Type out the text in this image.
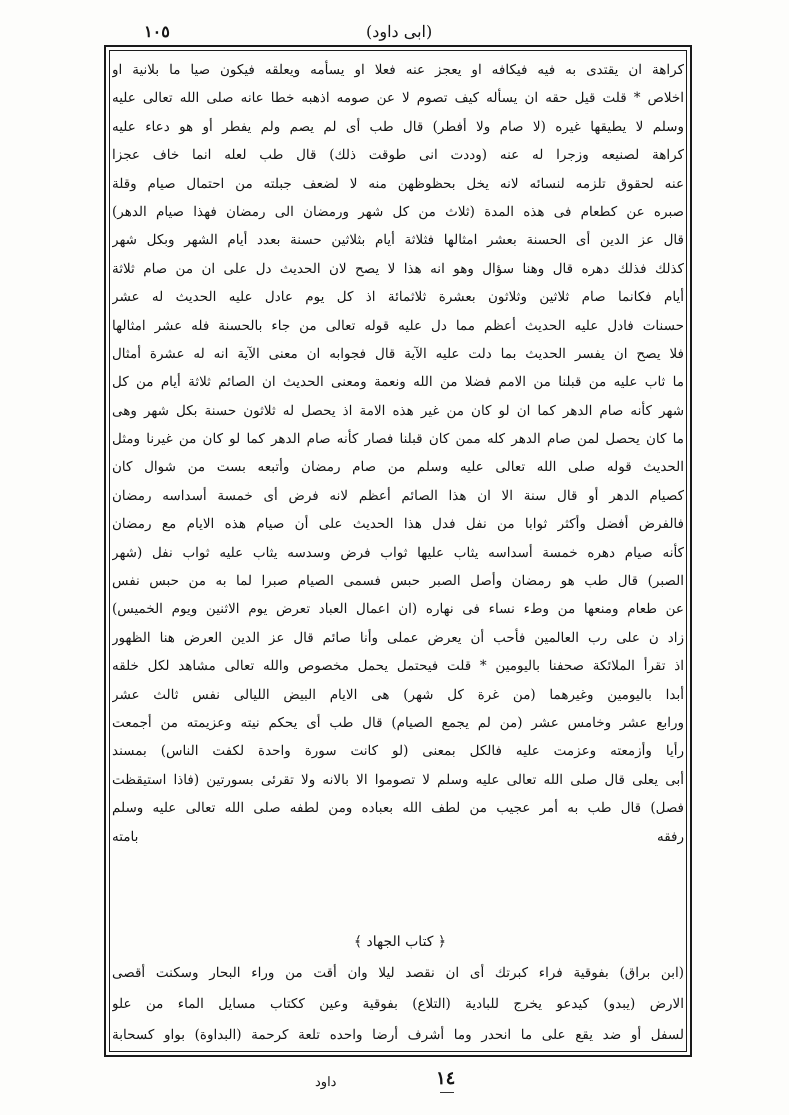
١٠٥	(ابى داود)
كراهة ان يقتدى به فيه فيكافه او يعجز عنه فعلا او يسأمه ويعلقه فيكون صيا ما بلانية او
اخلاص * قلت قيل حقه ان يسأله كيف تصوم لا عن صومه اذهبه خطا عانه صلى الله تعالى عليه
وسلم لا يطيقها غيره (لا صام ولا أفطر) قال طب أى لم يصم ولم يفطر أو هو دعاء عليه
كراهة لصنيعه وزجرا له عنه (وددت انى طوقت ذلك) قال طب لعله انما خاف عجزا
عنه لحقوق تلزمه لنسائه لانه يخل بحظوظهن منه لا لضعف جبلته من احتمال صيام وقلة
صبره عن كطعام فى هذه المدة (ثلاث من كل شهر ورمضان الى رمضان فهذا صيام الدهر)
قال عز الدين أى الحسنة بعشر امثالها فثلاثة أيام بثلاثين حسنة بعدد أيام الشهر وبكل شهر
كذلك فذلك دهره قال وهنا سؤال وهو انه هذا لا يصح لان الحديث دل على ان من صام ثلاثة
أيام فكانما صام ثلاثين وثلاثون بعشرة ثلاثمائة اذ كل يوم عادل عليه الحديث له عشر
حسنات فادل عليه الحديث أعظم مما دل عليه قوله تعالى من جاء بالحسنة فله عشر امثالها
فلا يصح ان يفسر الحديث بما دلت عليه الآية قال فجوابه ان معنى الآية انه له عشرة أمثال
ما ثاب عليه من قبلنا من الامم فضلا من الله ونعمة ومعنى الحديث ان الصائم ثلاثة أيام من كل
شهر كأنه صام الدهر كما ان لو كان من غير هذه الامة اذ يحصل له ثلاثون حسنة بكل شهر وهى
ما كان يحصل لمن صام الدهر كله ممن كان قبلنا فصار كأنه صام الدهر كما لو كان من غيرنا ومثل
الحديث قوله صلى الله تعالى عليه وسلم من صام رمضان وأتبعه بست من شوال كان
كصيام الدهر أو قال سنة الا ان هذا الصائم أعظم لانه فرض أى خمسة أسداسه رمضان
فالفرض أفضل وأكثر ثوابا من نفل فدل هذا الحديث على أن صيام هذه الايام مع رمضان
كأنه صيام دهره خمسة أسداسه يثاب عليها ثواب فرض وسدسه يثاب عليه ثواب نفل (شهر
الصبر) قال طب هو رمضان وأصل الصبر حبس فسمى الصيام صبرا لما به من حبس نفس
عن طعام ومنعها من وطء نساء فى نهاره (ان اعمال العباد تعرض يوم الاثنين ويوم الخميس)
زاد ن على رب العالمين فأحب أن يعرض عملى وأنا صائم قال عز الدين العرض هنا الظهور
اذ تقرأ الملائكة صحفنا باليومين * قلت فيحتمل يحمل مخصوص والله تعالى مشاهد لكل خلقه
أبدا باليومين وغيرهما (من غرة كل شهر) هى الايام البيض الليالى نفس ثالث عشر
ورابع عشر وخامس عشر (من لم يجمع الصيام) قال طب أى يحكم نيته وعزيمته من أجمعت
رأيا وأزمعته وعزمت عليه فالكل بمعنى (لو كانت سورة واحدة لكفت الناس) بمسند
أبى يعلى قال صلى الله تعالى عليه وسلم لا تصوموا الا بالانه ولا تقرئى بسورتين (فاذا استيقظت
فصل) قال طب به أمر عجيب من لطف الله بعباده ومن لطفه صلى الله تعالى عليه وسلم
رفقه بامته
﴿ كتاب الجهاد ﴾
(ابن براق) بفوقية فراء كبرتك أى ان نقصد ليلا وان أقت من وراء البحار وسكنت أقصى
الارض (يبدو) كيدعو يخرج للبادية (التلاع) بفوقية وعين ككتاب مسايل الماء من علو
لسفل أو ضد يقع على ما انحدر وما أشرف أرضا واحده تلعة كرحمة (البداوة) بواو كسحابة
داود	١٤
